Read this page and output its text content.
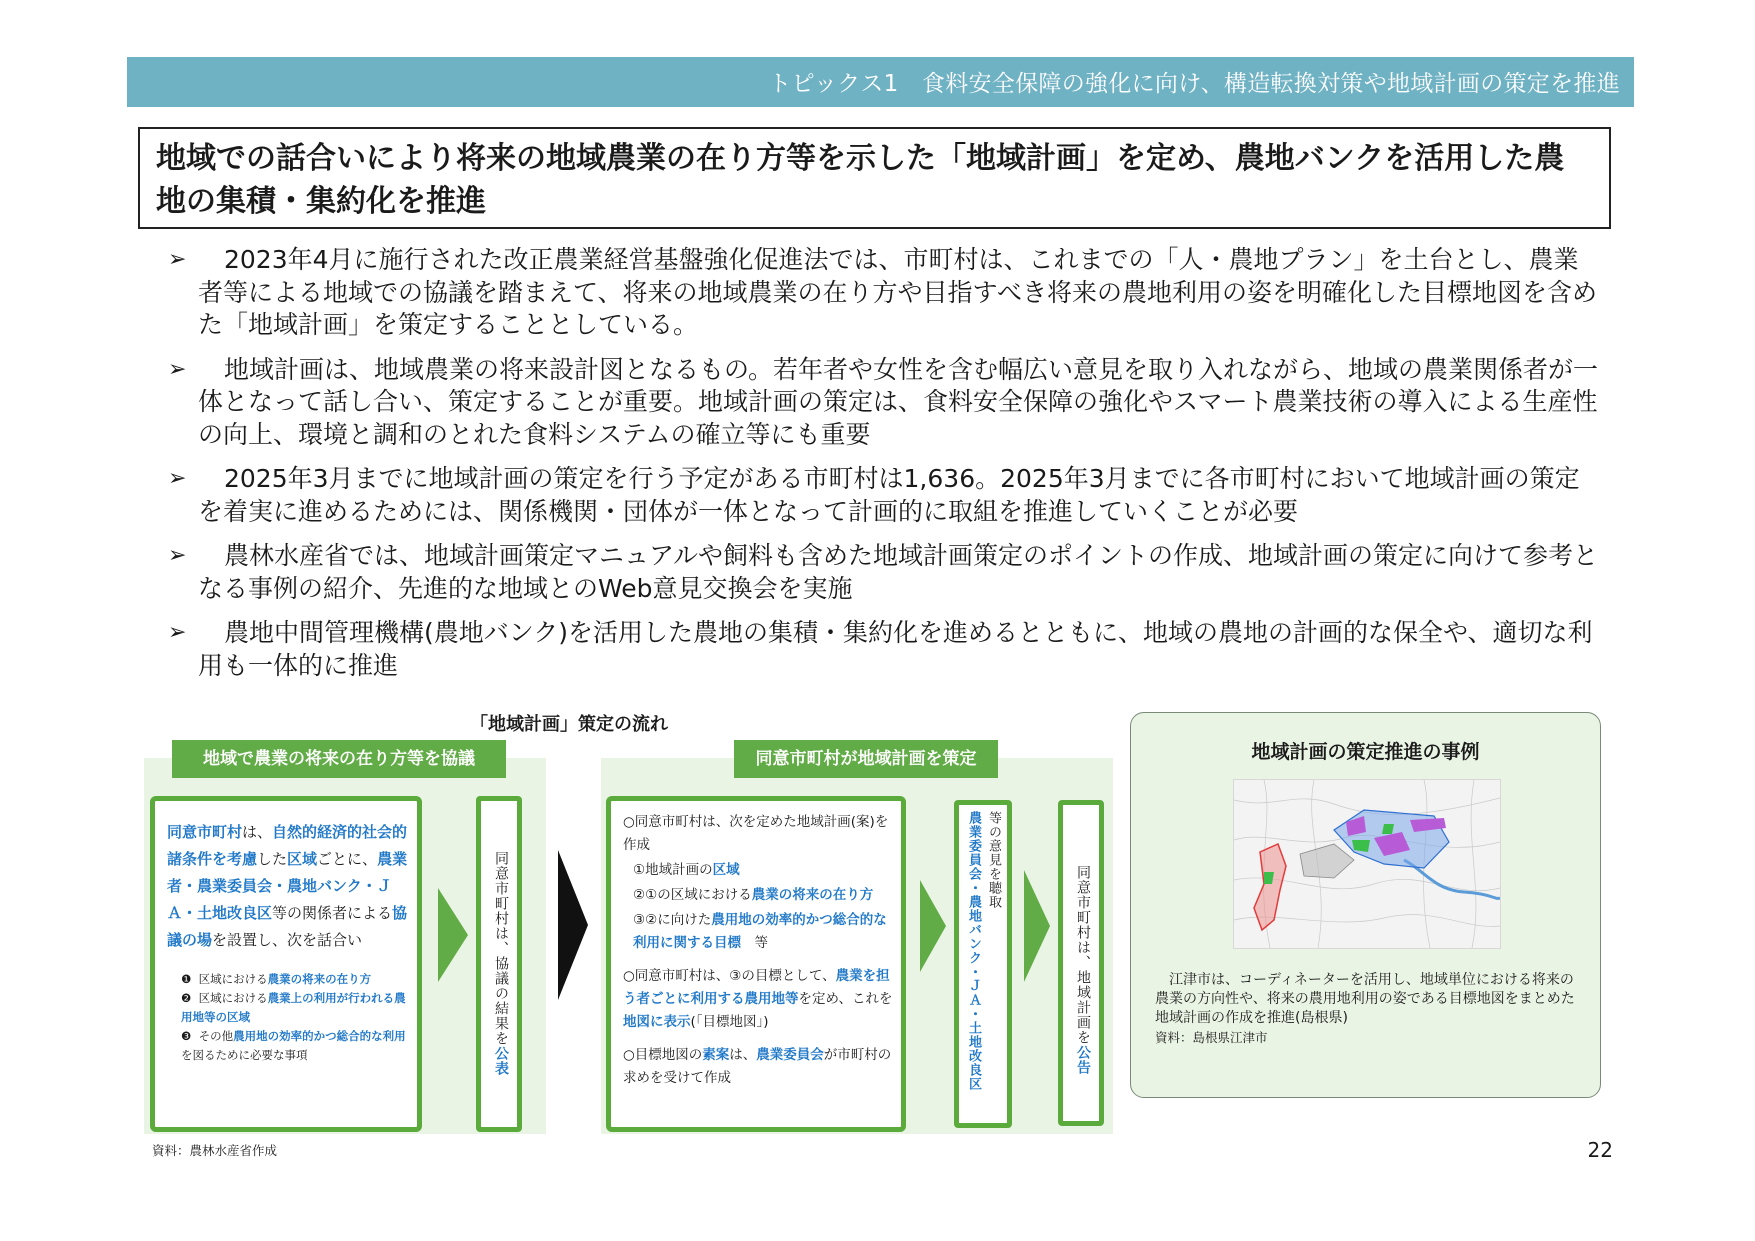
トピックス1　食料安全保障の強化に向け、構造転換対策や地域計画の策定を推進
地域での話合いにより将来の地域農業の在り方等を示した「地域計画」を定め、農地バンクを活用した農地の集積・集約化を推進
➢	2023年4月に施行された改正農業経営基盤強化促進法では、市町村は、これまでの「人・農地プラン」を土台とし、農業者等による地域での協議を踏まえて、将来の地域農業の在り方や目指すべき将来の農地利用の姿を明確化した目標地図を含めた「地域計画」を策定することとしている。
➢	地域計画は、地域農業の将来設計図となるもの。若年者や女性を含む幅広い意見を取り入れながら、地域の農業関係者が一体となって話し合い、策定することが重要。地域計画の策定は、食料安全保障の強化やスマート農業技術の導入による生産性の向上、環境と調和のとれた食料システムの確立等にも重要
➢	2025年3月までに地域計画の策定を行う予定がある市町村は1,636。2025年3月までに各市町村において地域計画の策定を着実に進めるためには、関係機関・団体が一体となって計画的に取組を推進していくことが必要
➢	農林水産省では、地域計画策定マニュアルや飼料も含めた地域計画策定のポイントの作成、地域計画の策定に向けて参考となる事例の紹介、先進的な地域とのWeb意見交換会を実施
➢	農地中間管理機構(農地バンク)を活用した農地の集積・集約化を進めるとともに、地域の農地の計画的な保全や、適切な利用も一体的に推進
「地域計画」策定の流れ
地域で農業の将来の在り方等を協議
同意市町村は、自然的経済的社会的諸条件を考慮した区域ごとに、農業者・農業委員会・農地バンク・ＪＡ・土地改良区等の関係者による協議の場を設置し、次を話合い
❶ 区域における農業の将来の在り方
❷ 区域における農業上の利用が行われる農用地等の区域
❸ その他農用地の効率的かつ総合的な利用を図るために必要な事項
同意市町村は、協議の結果を公表
同意市町村が地域計画を策定
○同意市町村は、次を定めた地域計画(案)を作成
①地域計画の区域
②①の区域における農業の将来の在り方
③②に向けた農用地の効率的かつ総合的な利用に関する目標　等
○同意市町村は、③の目標として、農業を担う者ごとに利用する農用地等を定め、これを地図に表示(「目標地図」)
○目標地図の素案は、農業委員会が市町村の求めを受けて作成	農業委員会・農地バンク・ＪＡ・土地改良区 等の意見を聴取
同意市町村は、地域計画を公告
資料：農林水産省作成
地域計画の策定推進の事例
江津市は、コーディネーターを活用し、地域単位における将来の農業の方向性や、将来の農用地利用の姿である目標地図をまとめた地域計画の作成を推進(島根県)
資料：島根県江津市
22
